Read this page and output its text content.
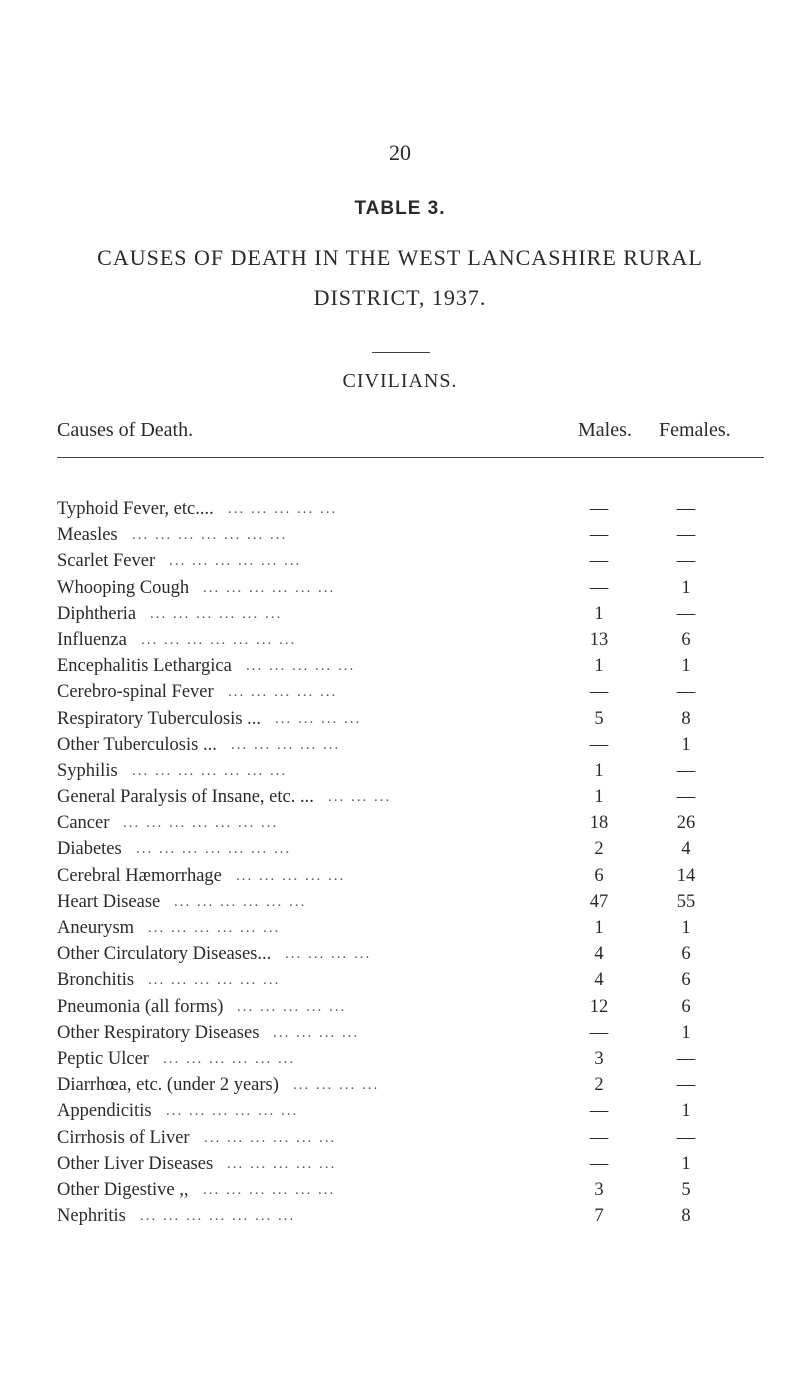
20
TABLE 3.
CAUSES OF DEATH IN THE WEST LANCASHIRE RURAL
DISTRICT, 1937.
CIVILIANS.
Causes of Death.	Males. Females.
Typhoid Fever, etc.... ... ... ... ... ...	—	—
Measles ... ... ... ... ... ... ...	—	—
Scarlet Fever ... ... ... ... ... ...	—	—
Whooping Cough ... ... ... ... ... ...	—	1
Diphtheria ... ... ... ... ... ...	1	—
Influenza ... ... ... ... ... ... ...	13	6
Encephalitis Lethargica ... ... ... ... ...	1	1
Cerebro-spinal Fever ... ... ... ... ...	—	—
Respiratory Tuberculosis ... ... ... ... ...	5	8
Other Tuberculosis ... ... ... ... ... ...	—	1
Syphilis ... ... ... ... ... ... ...	1	—
General Paralysis of Insane, etc. ... ... ... ...	1	—
Cancer ... ... ... ... ... ... ...	18	26
Diabetes ... ... ... ... ... ... ...	2	4
Cerebral Hæmorrhage ... ... ... ... ...	6	14
Heart Disease ... ... ... ... ... ...	47	55
Aneurysm ... ... ... ... ... ...	1	1
Other Circulatory Diseases... ... ... ... ...	4	6
Bronchitis ... ... ... ... ... ...	4	6
Pneumonia (all forms) ... ... ... ... ...	12	6
Other Respiratory Diseases ... ... ... ...	—	1
Peptic Ulcer ... ... ... ... ... ...	3	—
Diarrhœa, etc. (under 2 years) ... ... ... ...	2	—
Appendicitis ... ... ... ... ... ...	—	1
Cirrhosis of Liver ... ... ... ... ... ...	—	—
Other Liver Diseases ... ... ... ... ...	—	1
Other Digestive ,, ... ... ... ... ... ...	3	5
Nephritis ... ... ... ... ... ... ...	7	8
